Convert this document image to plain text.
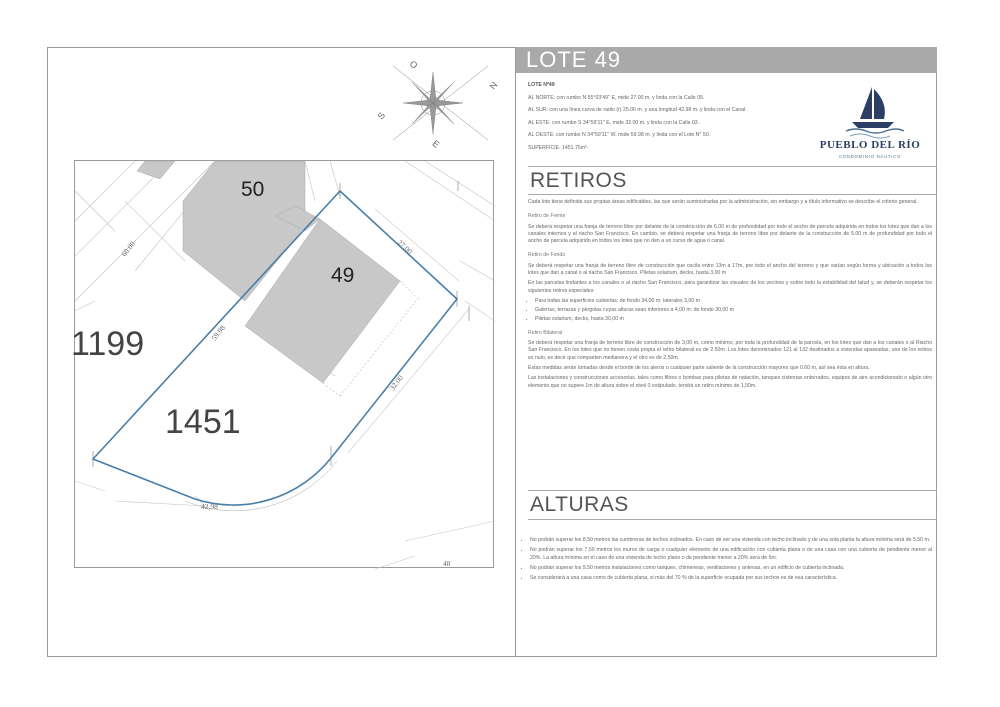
O
N
S
E
50
49
1199
1451
27.00
32.00
42.98
59.98
60.00
48
LOTE 49
LOTE Nº49
AL NORTE: con rumbo N 55°03'49'' E, mide 27.00 m. y linda con la Calle 05.
AL SUR: con una línea curva de radio (r) 25.00 m. y una longitud 42.98 m. y linda con el Canal.
AL ESTE: con rumbo S 34°59'11'' E, mide 32.00 m. y linda con la Calle 03.
AL OESTE: con rumbo N 34°59'11'' W, mide 59.98 m. y linda con el Lote N° 50.
SUPERFICIE: 1451.76m².	PUEBLO DEL RÍO
CONDOMINIO NÁUTICO
RETIROS

Cada lote tiene definida sus propias áreas edificables, las que serán suministradas por la administración, sin embargo y a título informativo se describe el criterio general.

Retiro de Frente

Se deberá respetar una franja de terreno libre por delante de la construcción de 6.00 m de profundidad por todo el ancho de parcela adquirida en todos los lotes que dan a los canales internos y al riacho San Francisco. En cambio, se deberá respetar una franja de terreno libre por delante de la construcción de 5.00 m de profundidad por todo el ancho de parcela adquirido en todos los lotes que no den a un curso de agua o canal.

Retiro de Fondo

Se deberá respetar una franja de terreno libre de construcción que oscila entre 13m a 17m, por todo el ancho del terreno y que varían según forma y ubicación a todos los lotes que dan a canal o al riacho San Francisco. Piletas solarium, decks, hasta 3,00 m

En las parcelas lindantes a los canales o al riacho San Francisco, para garantizar las visuales de los vecinos y sobre todo la estabilidad del talud y, se deberán respetar los siguientes retiros especiales:

• Para todas las superficies cubiertas: de fondo 34,00 m; laterales 3,00 m
• Galerías, terrazas y pérgolas cuyas alturas sean inferiores a 4,00 m: de fondo 30,00 m
• Piletas solarium, decks, hasta 30,00 m

Retiro Bilateral

Se deberá respetar una franja de terreno libre de construcción de 3,00 m, como mínimo, por toda la profundidad de la parcela, en los lotes que dan a los canales o al Riacho San Francisco. En los lotes que no tienen costa propia el retiro bilateral es de 2.50m. Los lotes denominados 121 al 132 destinados a viviendas apareadas, uno de los retiros es nulo, es decir que comparten medianera y el otro es de 2,50m.

Estas medidas serán tomadas desde el borde de los aleros o cualquier parte saliente de la construcción mayores que 0,60 m, así sea ésta en altura.

Las instalaciones y construcciones accesorias, tales como filtros o bombas para piletas de natación, tanques cisternas enterrados, equipos de aire acondicionado o algún otro elemento que no supere 1m de altura sobre el nivel 0 estipulado, tendrá un retiro mínimo de 1,50m.

ALTURAS
• No podrán superar los 8,50 metros las cumbreras de techos inclinados. En caso de ser una vivienda con techo inclinado y de una sola planta la altura mínima será de 5,50 m.
• No podrán superar los 7,50 metros los muros de carga o cualquier elemento de una edificación con cubierta plana o de una casa con una cubierta de pendiente menor al 20%. La altura mínima en el caso de una vivienda de techo plano o de pendiente menor a 20% será de 5m.
• No podrán superar los 9,50 metros instalaciones como tanques, chimeneas, ventilaciones y antenas, en un edificio de cubierta inclinada.
• Se considerará a una casa como de cubierta plana, si más del 70 % de la superficie ocupada por sus techos es de esa característica.
